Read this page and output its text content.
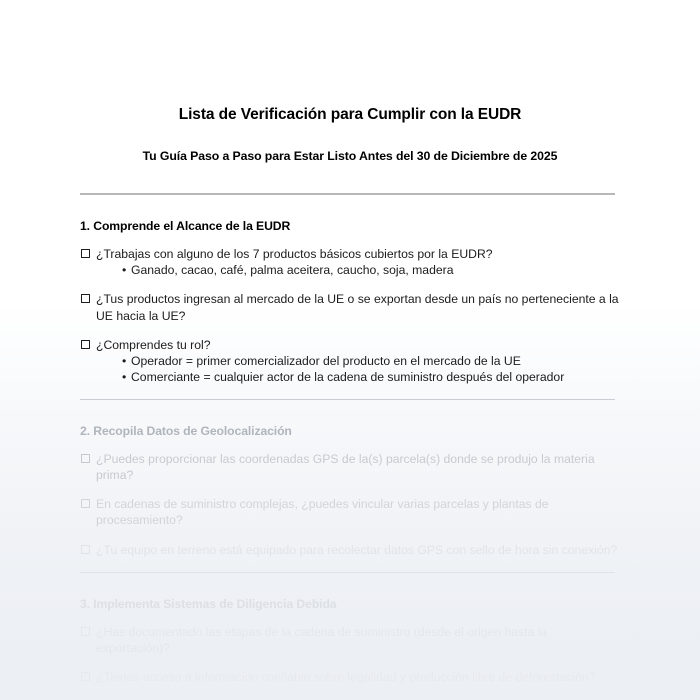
Lista de Verificación para Cumplir con la EUDR
Tu Guía Paso a Paso para Estar Listo Antes del 30 de Diciembre de 2025
1. Comprende el Alcance de la EUDR
¿Trabajas con alguno de los 7 productos básicos cubiertos por la EUDR?
• Ganado, cacao, café, palma aceitera, caucho, soja, madera
¿Tus productos ingresan al mercado de la UE o se exportan desde un país no perteneciente a la UE hacia la UE?
¿Comprendes tu rol?
• Operador = primer comercializador del producto en el mercado de la UE
• Comerciante = cualquier actor de la cadena de suministro después del operador
2. Recopila Datos de Geolocalización
¿Puedes proporcionar las coordenadas GPS de la(s) parcela(s) donde se produjo la materia prima?
En cadenas de suministro complejas, ¿puedes vincular varias parcelas y plantas de procesamiento?
¿Tu equipo en terreno está equipado para recolectar datos GPS con sello de hora sin conexión?
3. Implementa Sistemas de Diligencia Debida
¿Has documentado las etapas de la cadena de suministro (desde el origen hasta la exportación)?
